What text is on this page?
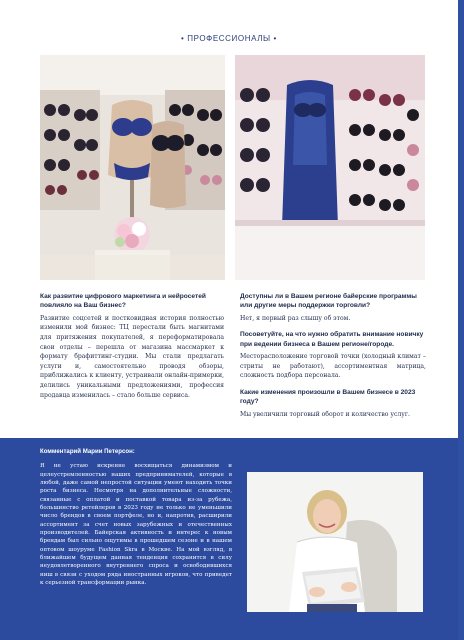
• ПРОФЕССИОНАЛЫ •
Как развитие цифрового маркетинга и нейросетей повлияло на Ваш бизнес?
Развитие соцсетей и постковидная история полностью изменили мой бизнес: ТЦ перестали быть магнитами для притяжения покупателей, я переформатировала свои отделы – перешла от магазина массмаркет к формату брафиттинг-студии. Мы стали предлагать услуги и, самостоятельно проводя обзоры, приближались к клиенту, устраивали онлайн-примерки, делились уникальными предложениями, профессия продавца изменилась – стало больше сервиса.
Доступны ли в Вашем регионе байерские программы или другие меры поддержки торговли?
Нет, я первый раз слышу об этом.
Посоветуйте, на что нужно обратить внимание новичку при ведении бизнеса в Вашем регионе/городе.
Месторасположение торговой точки (холодный климат – стриты не работают), ассортиментная матрица, сложность подбора персонала.
Какие изменения произошли в Вашем бизнесе в 2023 году?
Мы увеличили торговый оборот и количество услуг.
Комментарий Марии Петерсон:
Я не устаю искренне восхищаться динамизмом и целеустремленностью наших предпринимателей, которые в любой, даже самой непростой ситуации умеют находить точки роста бизнеса. Несмотря на дополнительные сложности, связанные с оплатой и поставкой товара из-за рубежа, большинство ретейлеров в 2023 году не только не уменьшили число брендов в своем портфеле, но и, напротив, расширили ассортимент за счет новых зарубежных и отечественных производителей. Байерская активность и интерес к новым брендам был сильно ощутимы в прошедшем сезоне и в нашем оптовом шоуруме Fashion Skra в Москве. На мой взгляд, в ближайшем будущем данная тенденция сохранится в силу неудовлетворенного внутреннего спроса и освободившихся ниш в связи с уходом ряда иностранных игроков, что приведет к серьезной трансформации рынка.
